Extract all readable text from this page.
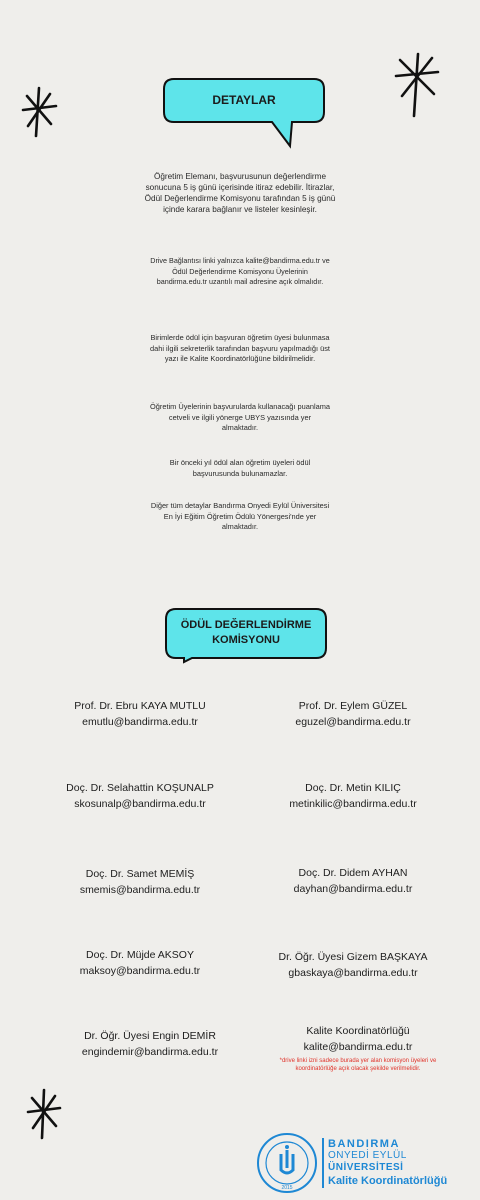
DETAYLAR
Öğretim Elemanı, başvurusunun değerlendirme sonucuna 5 iş günü içerisinde itiraz edebilir. İtirazlar, Ödül Değerlendirme Komisyonu tarafından 5 iş günü içinde karara bağlanır ve listeler kesinleşir.
Drive Bağlantısı linki yalnızca kalite@bandirma.edu.tr ve Ödül Değerlendirme Komisyonu Üyelerinin bandirma.edu.tr uzantılı mail adresine açık olmalıdır.
Birimlerde ödül için başvuran öğretim üyesi bulunmasa dahi ilgili sekreterlik tarafından başvuru yapılmadığı üst yazı ile Kalite Koordinatörlüğüne bildirilmelidir.
Öğretim Üyelerinin başvurularda kullanacağı puanlama cetveli ve ilgili yönerge UBYS yazısında yer almaktadır.
Bir önceki yıl ödül alan öğretim üyeleri ödül başvurusunda bulunamazlar.
Diğer tüm detaylar Bandırma Onyedi Eylül Üniversitesi En İyi Eğitim Öğretim Ödülü Yönergesi'nde yer almaktadır.
ÖDÜL DEĞERLENDİRME
KOMİSYONU
Prof. Dr. Ebru KAYA MUTLU
emutlu@bandirma.edu.tr
Prof. Dr. Eylem GÜZEL
eguzel@bandirma.edu.tr
Doç. Dr. Selahattin KOŞUNALP
skosunalp@bandirma.edu.tr
Doç. Dr. Metin KILIÇ
metinkilic@bandirma.edu.tr
Doç. Dr. Samet MEMİŞ
smemis@bandirma.edu.tr
Doç. Dr. Didem AYHAN
dayhan@bandirma.edu.tr
Doç. Dr. Müjde AKSOY
maksoy@bandirma.edu.tr
Dr. Öğr. Üyesi Gizem BAŞKAYA
gbaskaya@bandirma.edu.tr
Dr. Öğr. Üyesi Engin DEMİR
engindemir@bandirma.edu.tr
Kalite Koordinatörlüğü
kalite@bandirma.edu.tr
*drive linki izni sadece burada yer alan komisyon üyeleri ve koordinatörlüğe açık olacak şekilde verilmelidir.
2015
BANDIRMA
ONYEDİ EYLÜL
ÜNİVERSİTESİ
Kalite Koordinatörlüğü
